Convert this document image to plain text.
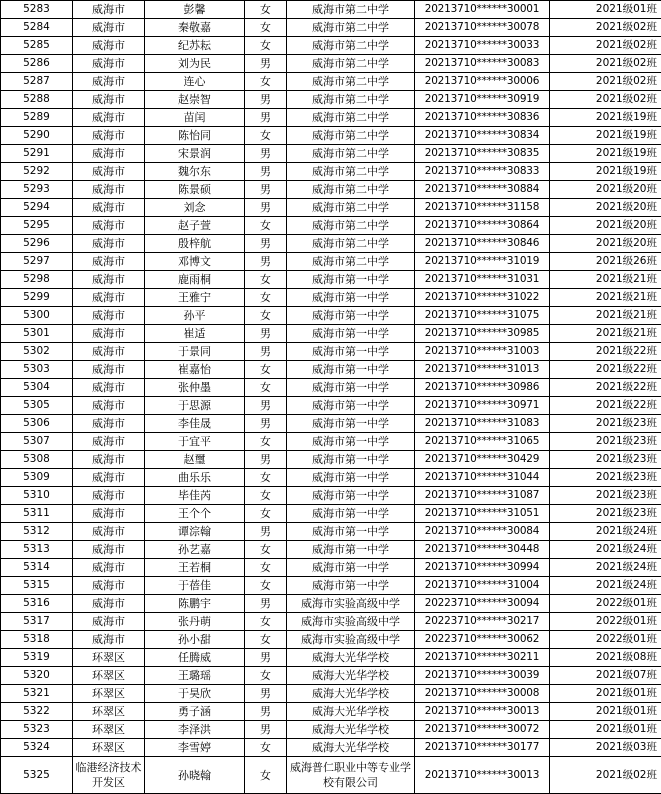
5283	威海市	彭馨	女	威海市第二中学	20213710******30001	2021级01班
5284	威海市	秦敬嘉	女	威海市第二中学	20213710******30078	2021级02班
5285	威海市	纪苏耘	女	威海市第二中学	20213710******30033	2021级02班
5286	威海市	刘为民	男	威海市第二中学	20213710******30083	2021级02班
5287	威海市	连心	女	威海市第二中学	20213710******30006	2021级02班
5288	威海市	赵崇智	男	威海市第二中学	20213710******30919	2021级02班
5289	威海市	苗闰	男	威海市第二中学	20213710******30836	2021级19班
5290	威海市	陈怡同	女	威海市第二中学	20213710******30834	2021级19班
5291	威海市	宋景润	男	威海市第二中学	20213710******30835	2021级19班
5292	威海市	魏尔东	男	威海市第二中学	20213710******30833	2021级19班
5293	威海市	陈景硕	男	威海市第二中学	20213710******30884	2021级20班
5294	威海市	刘念	男	威海市第二中学	20213710******31158	2021级20班
5295	威海市	赵子萱	女	威海市第二中学	20213710******30864	2021级20班
5296	威海市	殷梓航	男	威海市第二中学	20213710******30846	2021级20班
5297	威海市	邓博文	男	威海市第二中学	20213710******31019	2021级26班
5298	威海市	鹿雨桐	女	威海市第一中学	20213710******31031	2021级21班
5299	威海市	王雅宁	女	威海市第一中学	20213710******31022	2021级21班
5300	威海市	孙平	女	威海市第一中学	20213710******31075	2021级21班
5301	威海市	崔适	男	威海市第一中学	20213710******30985	2021级21班
5302	威海市	于景同	男	威海市第一中学	20213710******31003	2021级22班
5303	威海市	崔嘉怡	女	威海市第一中学	20213710******31013	2021级22班
5304	威海市	张仲墨	女	威海市第一中学	20213710******30986	2021级22班
5305	威海市	于思源	男	威海市第一中学	20213710******30971	2021级22班
5306	威海市	李佳晟	男	威海市第一中学	20213710******31083	2021级23班
5307	威海市	于宜平	女	威海市第一中学	20213710******31065	2021级23班
5308	威海市	赵璽	男	威海市第一中学	20213710******30429	2021级23班
5309	威海市	曲乐乐	女	威海市第一中学	20213710******31044	2021级23班
5310	威海市	毕佳芮	女	威海市第一中学	20213710******31087	2021级23班
5311	威海市	王个个	女	威海市第一中学	20213710******31051	2021级23班
5312	威海市	谭淙翰	男	威海市第一中学	20213710******30084	2021级24班
5313	威海市	孙艺嘉	女	威海市第一中学	20213710******30448	2021级24班
5314	威海市	王若桐	女	威海市第一中学	20213710******30994	2021级24班
5315	威海市	于蓓佳	女	威海市第一中学	20213710******31004	2021级24班
5316	威海市	陈鹏宇	男	威海市实验高级中学	20223710******30094	2022级01班
5317	威海市	张丹萌	女	威海市实验高级中学	20223710******30217	2022级01班
5318	威海市	孙小甜	女	威海市实验高级中学	20223710******30062	2022级01班
5319	环翠区	任腾威	男	威海大光华学校	20213710******30211	2021级08班
5320	环翠区	王璐瑶	女	威海大光华学校	20213710******30039	2021级07班
5321	环翠区	于昊欣	男	威海大光华学校	20213710******30008	2021级01班
5322	环翠区	勇子涵	男	威海大光华学校	20213710******30013	2021级01班
5323	环翠区	李泽洪	男	威海大光华学校	20213710******30072	2021级01班
5324	环翠区	李雪婷	女	威海大光华学校	20213710******30177	2021级03班
5325	临港经济技术开发区	孙晓翰	女	威海普仁职业中等专业学校有限公司	20213710******30013	2021级02班
